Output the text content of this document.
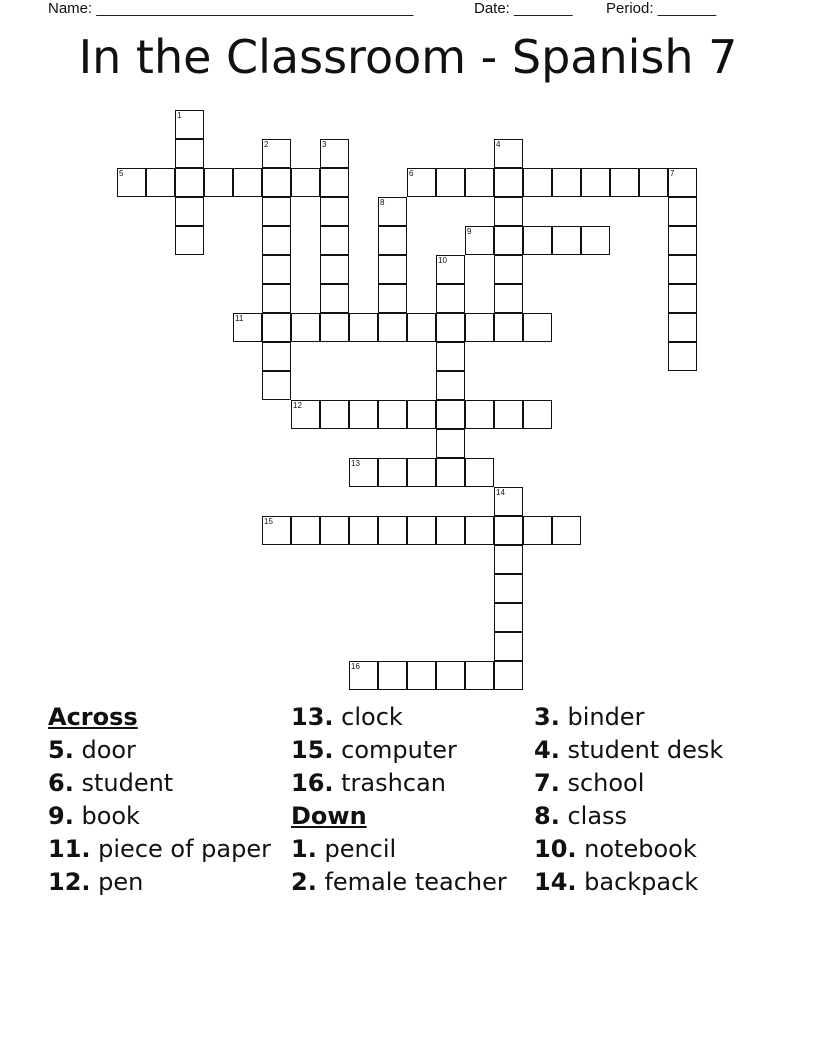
Name: ______________________________________	Date: _______ Period: _______
In the Classroom - Spanish 7
1
2	3	4
5	6	7
8
9
10
11
12
13
14
15
16
Across
5. door
6. student
9. book
11. piece of paper
12. pen
13. clock
15. computer
16. trashcan
Down
1. pencil
2. female teacher
3. binder
4. student desk
7. school
8. class
10. notebook
14. backpack
